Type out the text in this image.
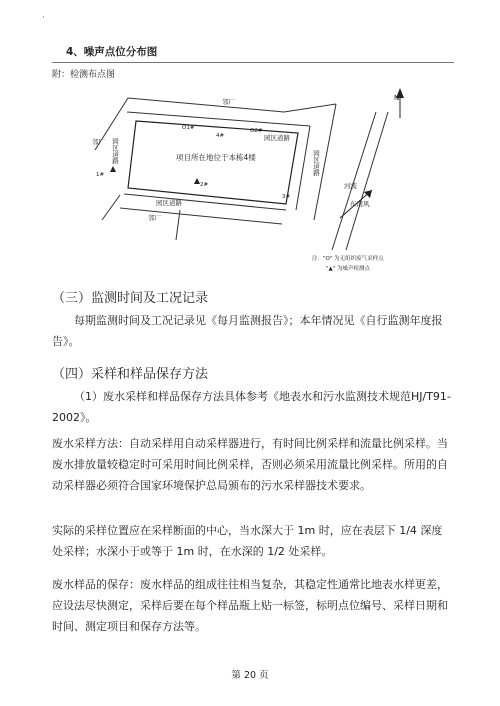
·
4、噪声点位分布图
附：检测布点图
N
邻厂
邻厂
项目所在地位于本栋4楼
园区道路	园区道路
园区道路
邻厂
园区道路
河流
O1#	O2#
4#
1#
2#
3#
东南风
注："O" 为无组织废气采样点
"▲" 为噪声检测点
（三）监测时间及工况记录
每期监测时间及工况记录见《每月监测报告》；本年情况见《自行监测年度报告》。
（四）采样和样品保存方法
（1）废水采样和样品保存方法具体参考《地表水和污水监测技术规范HJ/T91-2002》。
废水采样方法：自动采样用自动采样器进行，有时间比例采样和流量比例采样。当废水排放量较稳定时可采用时间比例采样，否则必须采用流量比例采样。所用的自动采样器必须符合国家环境保护总局颁布的污水采样器技术要求。
实际的采样位置应在采样断面的中心，当水深大于 1m 时，应在表层下 1/4 深度处采样；水深小于或等于 1m 时，在水深的 1/2 处采样。
废水样品的保存：废水样品的组成往往相当复杂，其稳定性通常比地表水样更差，应设法尽快测定，采样后要在每个样品瓶上贴一标签，标明点位编号、采样日期和时间、测定项目和保存方法等。
第 20 页
